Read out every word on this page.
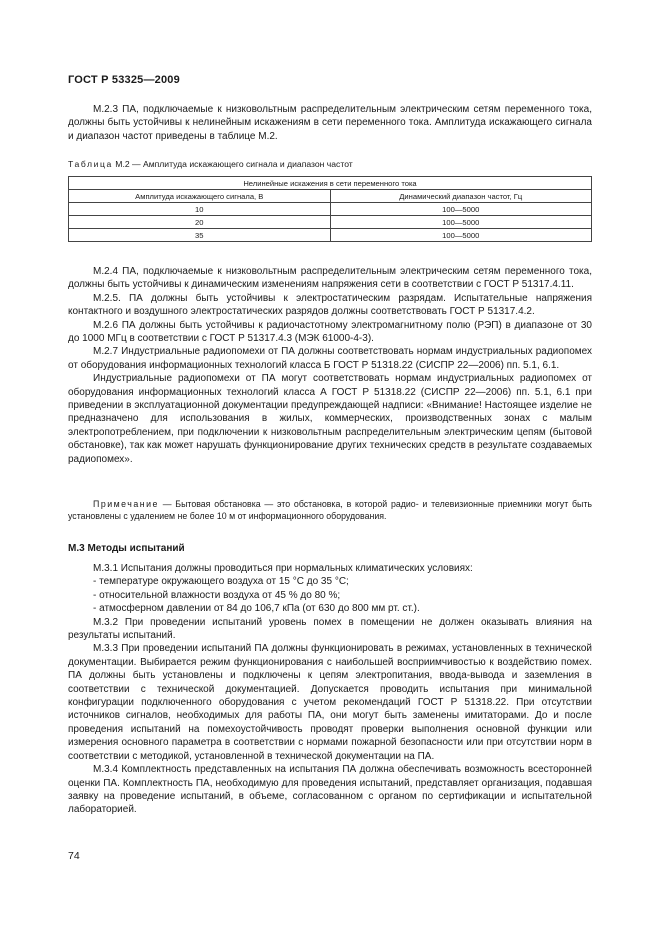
ГОСТ Р 53325—2009

М.2.3 ПА, подключаемые к низковольтным распределительным электрическим сетям переменного тока, должны быть устойчивы к нелинейным искажениям в сети переменного тока. Амплитуда искажающего сигнала и диапазон частот приведены в таблице М.2.

Таблица М.2 — Амплитуда искажающего сигнала и диапазон частот
Нелинейные искажения в сети переменного тока	
Амплитуда искажающего сигнала, В	Динамический диапазон частот, Гц
10	100—5000
20	100—5000
35	100—5000

М.2.4 ПА, подключаемые к низковольтным распределительным электрическим сетям переменного тока, должны быть устойчивы к динамическим изменениям напряжения сети в соответствии с ГОСТ Р 51317.4.11.

М.2.5. ПА должны быть устойчивы к электростатическим разрядам. Испытательные напряжения контактного и воздушного электростатических разрядов должны соответствовать ГОСТ Р 51317.4.2.

М.2.6 ПА должны быть устойчивы к радиочастотному электромагнитному полю (РЭП) в диапазоне от 30 до 1000 МГц в соответствии с ГОСТ Р 51317.4.3 (МЭК 61000-4-3).

М.2.7 Индустриальные радиопомехи от ПА должны соответствовать нормам индустриальных радиопомех от оборудования информационных технологий класса Б ГОСТ Р 51318.22 (СИСПР 22—2006) пп. 5.1, 6.1.

Индустриальные радиопомехи от ПА могут соответствовать нормам индустриальных радиопомех от оборудования информационных технологий класса А ГОСТ Р 51318.22 (СИСПР 22—2006) пп. 5.1, 6.1 при приведении в эксплуатационной документации предупреждающей надписи: «Внимание! Настоящее изделие не предназначено для использования в жилых, коммерческих, производственных зонах с малым электропотреблением, при подключении к низковольтным распределительным электрическим цепям (бытовой обстановке), так как может нарушать функционирование других технических средств в результате создаваемых радиопомех».

Примечание — Бытовая обстановка — это обстановка, в которой радио- и телевизионные приемники могут быть установлены с удалением не более 10 м от информационного оборудования.

М.3 Методы испытаний

М.3.1 Испытания должны проводиться при нормальных климатических условиях:

- температуре окружающего воздуха от 15 °С до 35 °С;

- относительной влажности воздуха от 45 % до 80 %;

- атмосферном давлении от 84 до 106,7 кПа (от 630 до 800 мм рт. ст.).

М.3.2 При проведении испытаний уровень помех в помещении не должен оказывать влияния на результаты испытаний.

М.3.3 При проведении испытаний ПА должны функционировать в режимах, установленных в технической документации. Выбирается режим функционирования с наибольшей восприимчивостью к воздействию помех. ПА должны быть установлены и подключены к цепям электропитания, ввода-вывода и заземления в соответствии с технической документацией. Допускается проводить испытания при минимальной конфигурации подключенного оборудования с учетом рекомендаций ГОСТ Р 51318.22. При отсутствии источников сигналов, необходимых для работы ПА, они могут быть заменены имитаторами. До и после проведения испытаний на помехоустойчивость проводят проверки выполнения основной функции или измерения основного параметра в соответствии с нормами пожарной безопасности или при отсутствии норм в соответствии с методикой, установленной в технической документации на ПА.

М.3.4 Комплектность представленных на испытания ПА должна обеспечивать возможность всесторонней оценки ПА. Комплектность ПА, необходимую для проведения испытаний, представляет организация, подавшая заявку на проведение испытаний, в объеме, согласованном с органом по сертификации и испытательной лабораторией.

74
